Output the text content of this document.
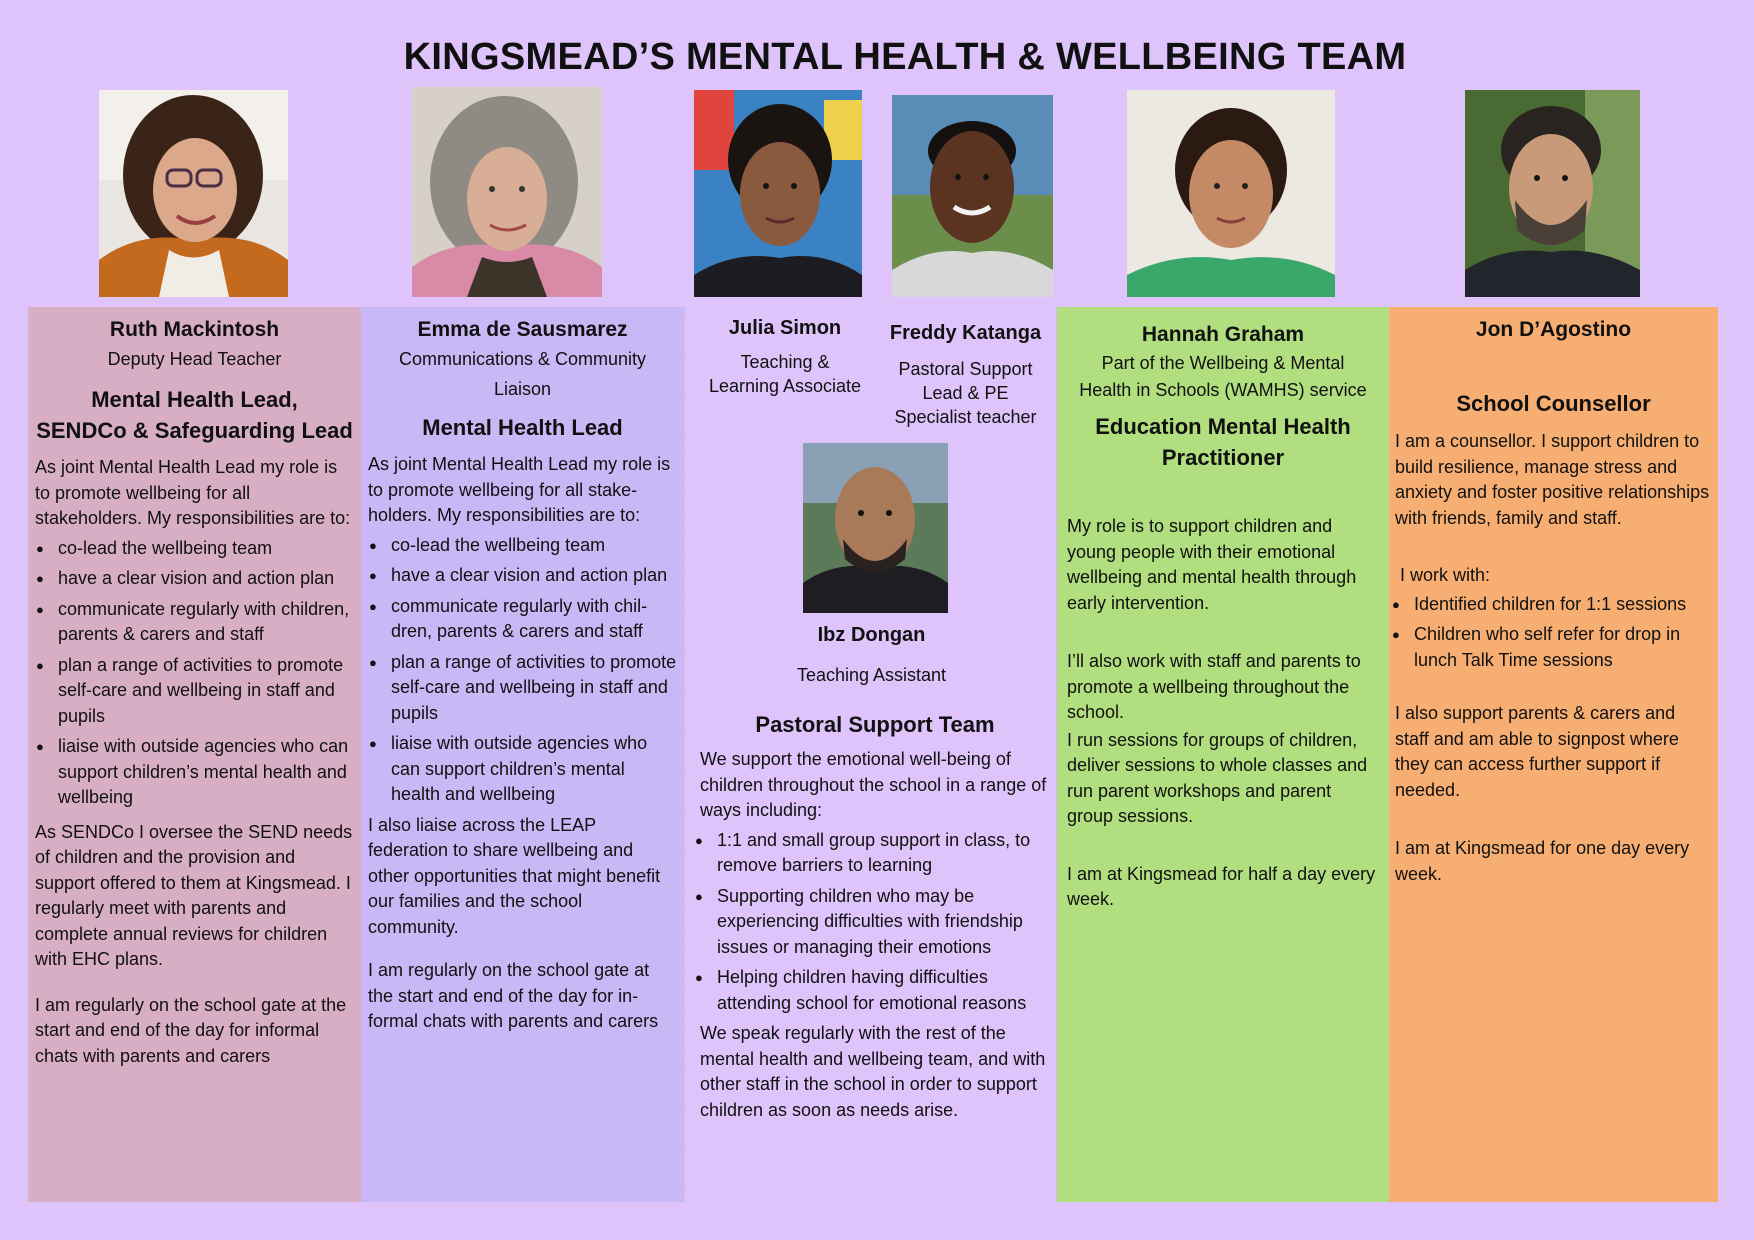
KINGSMEAD’S MENTAL HEALTH & WELLBEING TEAM
Ruth Mackintosh
Deputy Head Teacher
Mental Health Lead,
SENDCo & Safeguarding Lead

As joint Mental Health Lead my role is to promote wellbeing for all stakeholders. My responsibilities are to:

● co-lead the wellbeing team
● have a clear vision and action plan
● communicate regularly with children, parents & carers and staff
● plan a range of activities to promote self-care and wellbeing in staff and pupils
● liaise with outside agencies who can support children’s mental health and wellbeing

As SENDCo I oversee the SEND needs of children and the provision and support offered to them at Kingsmead. I regularly meet with parents and complete annual reviews for children with EHC plans.

I am regularly on the school gate at the start and end of the day for informal chats with parents and carers

Emma de Sausmarez
Communications & Community
Liaison
Mental Health Lead

As joint Mental Health Lead my role is to promote wellbeing for all stake-holders. My responsibilities are to:

● co-lead the wellbeing team
● have a clear vision and action plan
● communicate regularly with chil-dren, parents & carers and staff
● plan a range of activities to promote self-care and wellbeing in staff and pupils
● liaise with outside agencies who can support children’s mental health and wellbeing

I also liaise across the LEAP federation to share wellbeing and other opportunities that might benefit our families and the school community.

I am regularly on the school gate at the start and end of the day for in-formal chats with parents and carers

Julia Simon
Teaching &
Learning Associate
Freddy Katanga
Pastoral Support
Lead & PE
Specialist teacher
Ibz Dongan
Teaching Assistant
Pastoral Support Team

We support the emotional well-being of children throughout the school in a range of ways including:

● 1:1 and small group support in class, to remove barriers to learning
● Supporting children who may be experiencing difficulties with friendship issues or managing their emotions
● Helping children having difficulties attending school for emotional reasons

We speak regularly with the rest of the mental health and wellbeing team, and with other staff in the school in order to support children as soon as needs arise.

Hannah Graham
Part of the Wellbeing & Mental
Health in Schools (WAMHS) service
Education Mental Health
Practitioner

My role is to support children and young people with their emotional wellbeing and mental health through early intervention.

I’ll also work with staff and parents to promote a wellbeing throughout the school.

I run sessions for groups of children, deliver sessions to whole classes and run parent workshops and parent group sessions.

I am at Kingsmead for half a day every week.

Jon D’Agostino
School Counsellor

I am a counsellor. I support children to build resilience, manage stress and anxiety and foster positive relationships with friends, family and staff.

I work with:

● Identified children for 1:1 sessions
● Children who self refer for drop in lunch Talk Time sessions

I also support parents & carers and staff and am able to signpost where they can access further support if needed.

I am at Kingsmead for one day every week.
